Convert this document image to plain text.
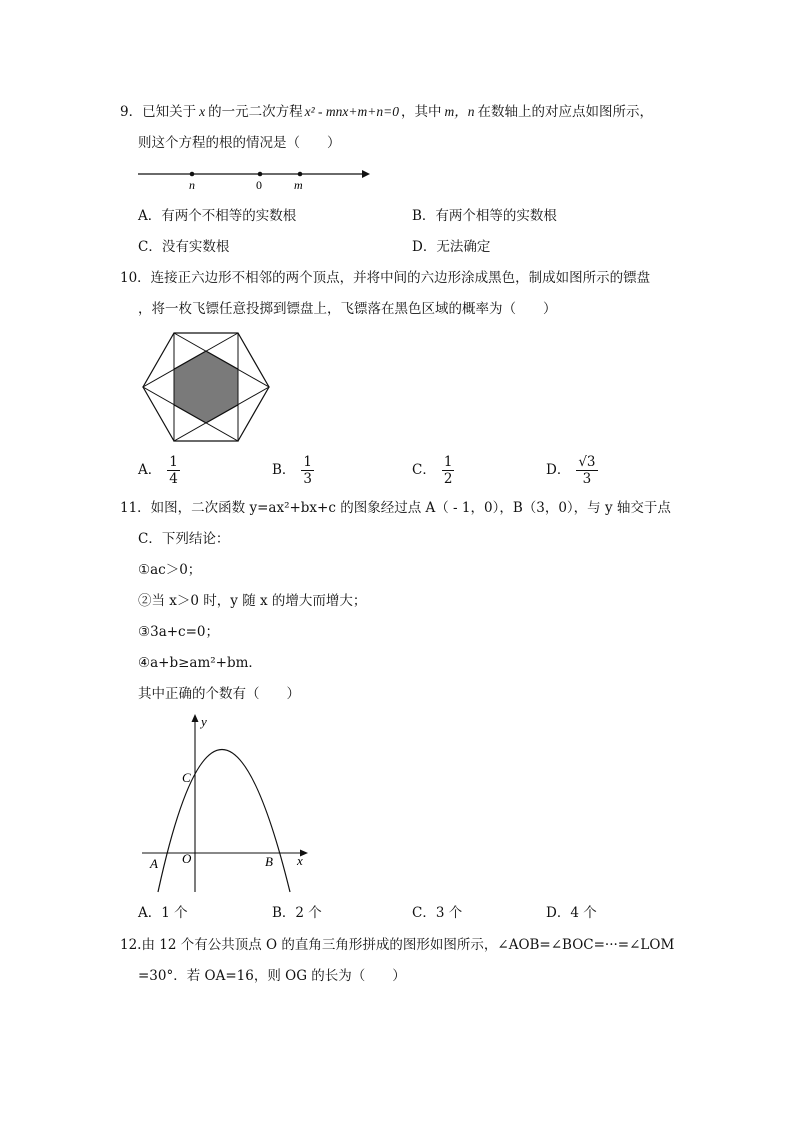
9．已知关于 x 的一元二次方程 x² - mnx+m+n=0 ，其中 m，n 在数轴上的对应点如图所示，
则这个方程的根的情况是（　　）
n	0	m
A．有两个不相等的实数根	B．有两个相等的实数根
C．没有实数根	D．无法确定
10．连接正六边形不相邻的两个顶点，并将中间的六边形涂成黑色，制成如图所示的镖盘
，将一枚飞镖任意投掷到镖盘上，飞镖落在黑色区域的概率为（　　）
A． $\frac{1}{4}$	B． $\frac{1}{3}$	C． $\frac{1}{2}$	D． $\frac{√3}{3}$
11．如图，二次函数 y=ax²+bx+c 的图象经过点 A（ - 1，0），B（3，0），与 y 轴交于点
C．下列结论：
①ac＞0；
②当 x＞0 时，y 随 x 的增大而增大；
③3a+c=0；
④a+b≥am²+bm．
其中正确的个数有（　　）
y
x
C
O
A	B
A．1 个	B．2 个	C．3 个	D．4 个
12.由 12 个有公共顶点 O 的直角三角形拼成的图形如图所示，∠AOB=∠BOC=···=∠LOM
=30°．若 OA=16，则 OG 的长为（　　）
